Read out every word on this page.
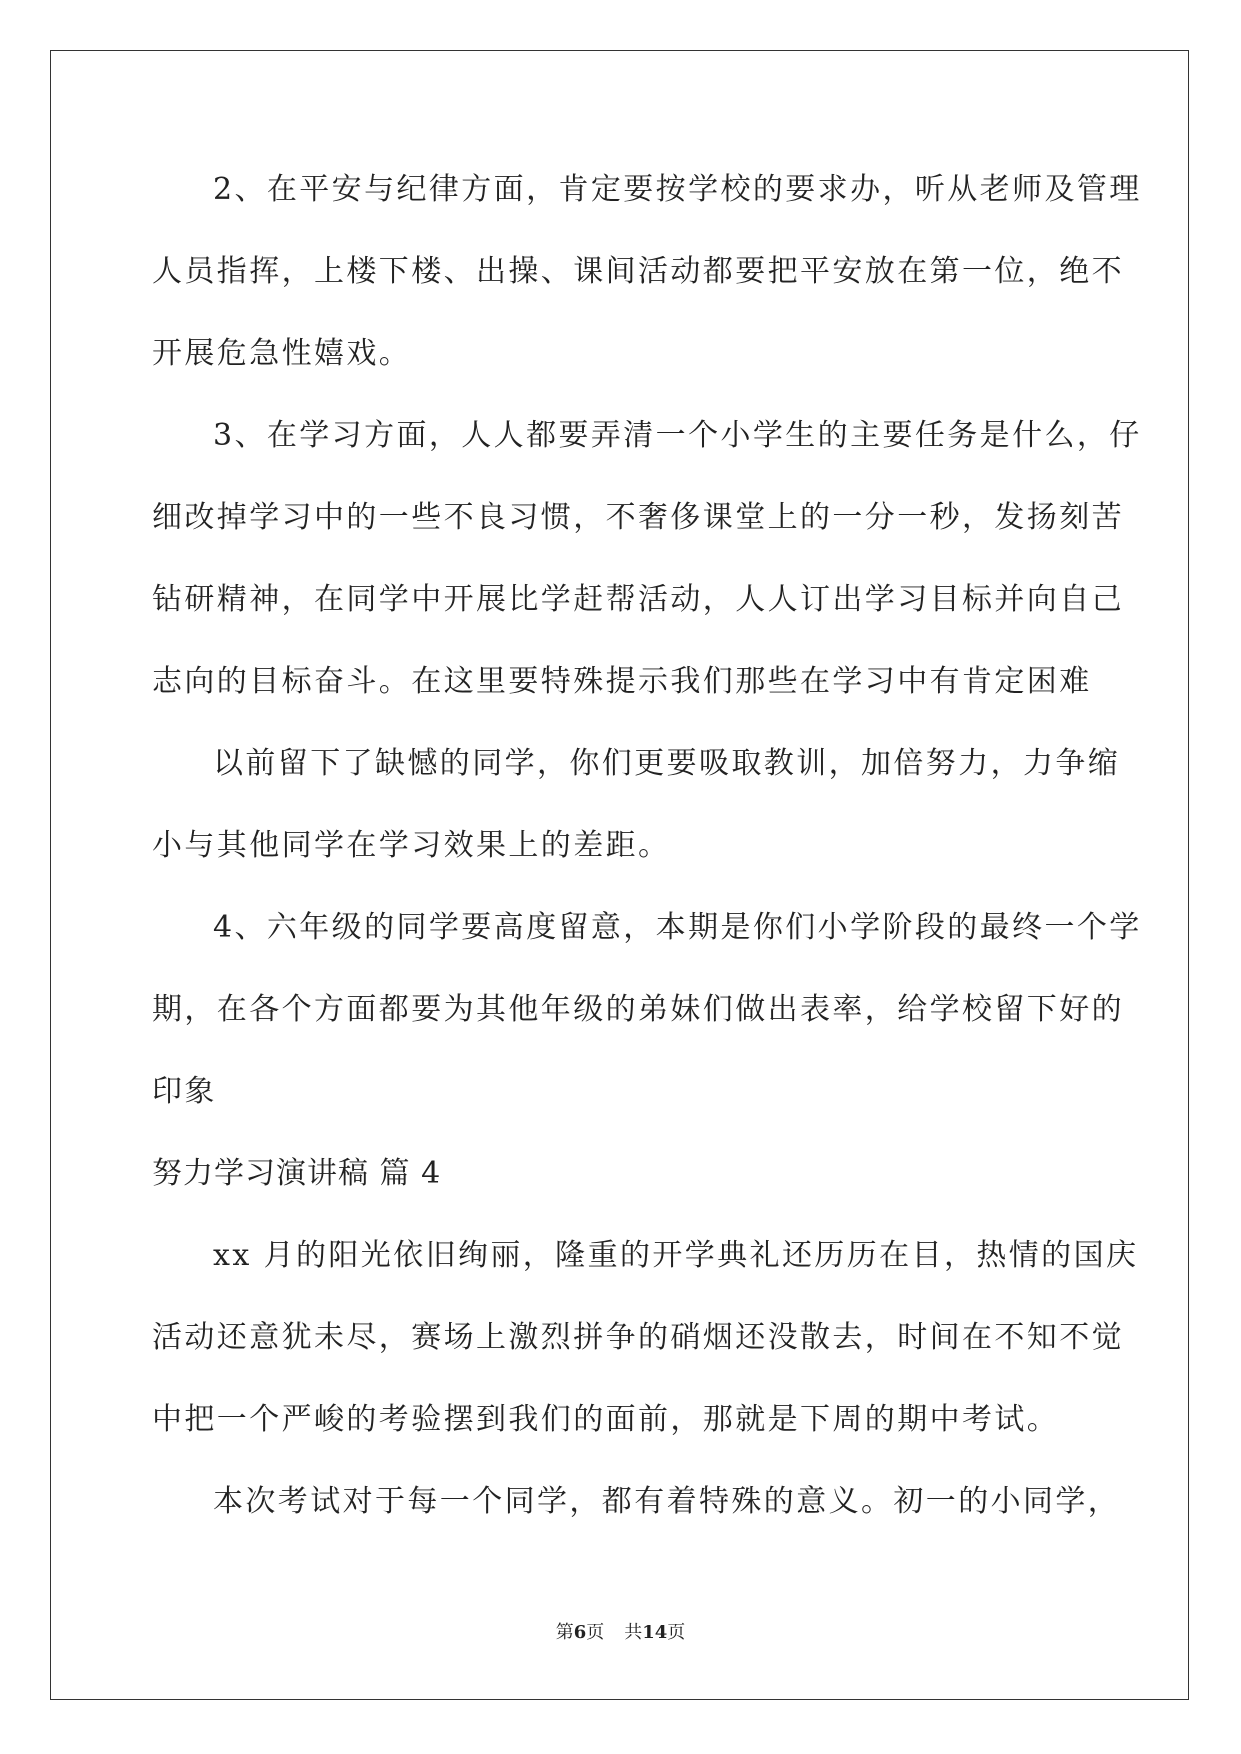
2、在平安与纪律方面，肯定要按学校的要求办，听从老师及管理
人员指挥，上楼下楼、出操、课间活动都要把平安放在第一位，绝不
开展危急性嬉戏。
3、在学习方面，人人都要弄清一个小学生的主要任务是什么，仔
细改掉学习中的一些不良习惯，不奢侈课堂上的一分一秒，发扬刻苦
钻研精神，在同学中开展比学赶帮活动，人人订出学习目标并向自己
志向的目标奋斗。在这里要特殊提示我们那些在学习中有肯定困难
以前留下了缺憾的同学，你们更要吸取教训，加倍努力，力争缩
小与其他同学在学习效果上的差距。
4、六年级的同学要高度留意，本期是你们小学阶段的最终一个学
期，在各个方面都要为其他年级的弟妹们做出表率，给学校留下好的
印象
努力学习演讲稿 篇 4
xx 月的阳光依旧绚丽，隆重的开学典礼还历历在目，热情的国庆
活动还意犹未尽，赛场上激烈拼争的硝烟还没散去，时间在不知不觉
中把一个严峻的考验摆到我们的面前，那就是下周的期中考试。
本次考试对于每一个同学，都有着特殊的意义。初一的小同学，
第6页 共14页
